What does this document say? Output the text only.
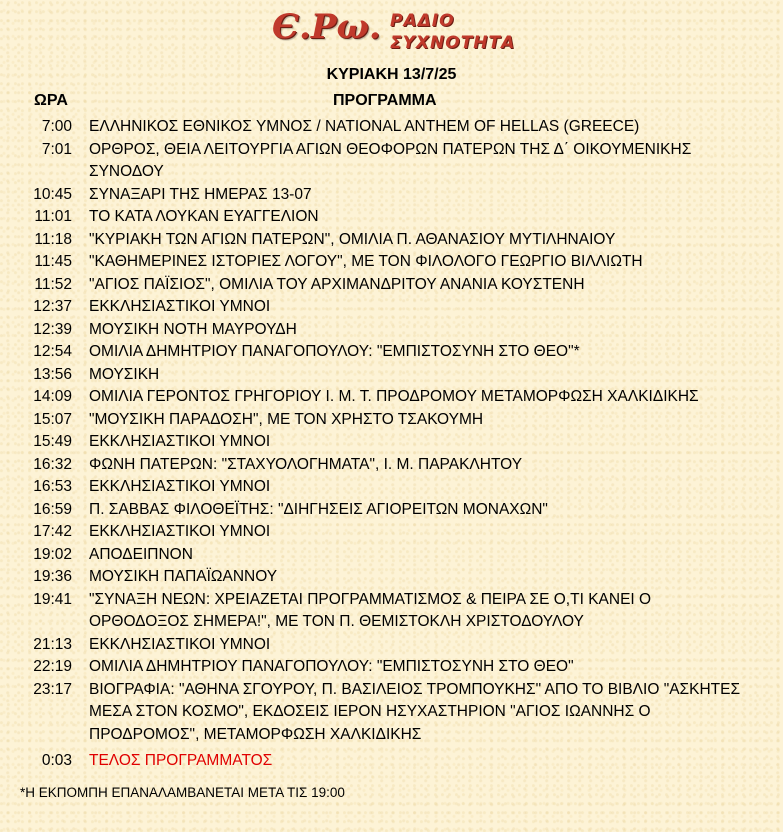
Є.Ρω. ΡΑΔΙΟ
ΣΥΧΝΟΤΗΤΑ
ΚΥΡΙΑΚΗ 13/7/25
ΩΡΑ	ΠΡΟΓΡΑΜΜΑ
7:00 ΕΛΛΗΝΙΚΟΣ ΕΘΝΙΚΟΣ ΥΜΝΟΣ / NATIONAL ANTHEM OF HELLAS (GREECE)
7:01 ΟΡΘΡΟΣ, ΘΕΙΑ ΛΕΙΤΟΥΡΓΙΑ ΑΓΙΩΝ ΘΕΟΦΟΡΩΝ ΠΑΤΕΡΩΝ ΤΗΣ Δ΄ ΟΙΚΟΥΜΕΝΙΚΗΣ ΣΥΝΟΔΟΥ
10:45 ΣΥΝΑΞΑΡΙ ΤΗΣ ΗΜΕΡΑΣ 13-07
11:01 ΤΟ ΚΑΤΑ ΛΟΥΚΑΝ ΕΥΑΓΓΕΛΙΟΝ
11:18 "ΚΥΡΙΑΚΗ ΤΩΝ ΑΓΙΩΝ ΠΑΤΕΡΩΝ", ΟΜΙΛΙΑ Π. ΑΘΑΝΑΣΙΟΥ ΜΥΤΙΛΗΝΑΙΟΥ
11:45 "ΚΑΘΗΜΕΡΙΝΕΣ ΙΣΤΟΡΙΕΣ ΛΟΓΟΥ", ΜΕ ΤΟΝ ΦΙΛΟΛΟΓΟ ΓΕΩΡΓΙΟ ΒΙΛΛΙΩΤΗ
11:52 "ΑΓΙΟΣ ΠΑΪΣΙΟΣ", ΟΜΙΛΙΑ ΤΟΥ ΑΡΧΙΜΑΝΔΡΙΤΟΥ ΑΝΑΝΙΑ ΚΟΥΣΤΕΝΗ
12:37 ΕΚΚΛΗΣΙΑΣΤΙΚΟΙ ΥΜΝΟΙ
12:39 ΜΟΥΣΙΚΗ ΝΟΤΗ ΜΑΥΡΟΥΔΗ
12:54 ΟΜΙΛΙΑ ΔΗΜΗΤΡΙΟΥ ΠΑΝΑΓΟΠΟΥΛΟΥ: "ΕΜΠΙΣΤΟΣΥΝΗ ΣΤΟ ΘΕΟ"*
13:56 ΜΟΥΣΙΚΗ
14:09 ΟΜΙΛΙΑ ΓΕΡΟΝΤΟΣ ΓΡΗΓΟΡΙΟΥ Ι. Μ. Τ. ΠΡΟΔΡΟΜΟΥ ΜΕΤΑΜΟΡΦΩΣΗ ΧΑΛΚΙΔΙΚΗΣ
15:07 "ΜΟΥΣΙΚΗ ΠΑΡΑΔΟΣΗ", ΜΕ ΤΟΝ ΧΡΗΣΤΟ ΤΣΑΚΟΥΜΗ
15:49 ΕΚΚΛΗΣΙΑΣΤΙΚΟΙ ΥΜΝΟΙ
16:32 ΦΩΝΗ ΠΑΤΕΡΩΝ: "ΣΤΑΧΥΟΛΟΓΗΜΑΤΑ", Ι. Μ. ΠΑΡΑΚΛΗΤΟΥ
16:53 ΕΚΚΛΗΣΙΑΣΤΙΚΟΙ ΥΜΝΟΙ
16:59 Π. ΣΑΒΒΑΣ ΦΙΛΟΘΕΪΤΗΣ: "ΔΙΗΓΗΣΕΙΣ ΑΓΙΟΡΕΙΤΩΝ ΜΟΝΑΧΩΝ"
17:42 ΕΚΚΛΗΣΙΑΣΤΙΚΟΙ ΥΜΝΟΙ
19:02 ΑΠΟΔΕΙΠΝΟΝ
19:36 ΜΟΥΣΙΚΗ ΠΑΠΑΪΩΑΝΝΟΥ
19:41 "ΣΥΝΑΞΗ ΝΕΩΝ: ΧΡΕΙΑΖΕΤΑΙ ΠΡΟΓΡΑΜΜΑΤΙΣΜΟΣ & ΠΕΙΡΑ ΣΕ Ο,ΤΙ ΚΑΝΕΙ Ο ΟΡΘΟΔΟΞΟΣ ΣΗΜΕΡΑ!", ΜΕ ΤΟΝ Π. ΘΕΜΙΣΤΟΚΛΗ ΧΡΙΣΤΟΔΟΥΛΟΥ
21:13 ΕΚΚΛΗΣΙΑΣΤΙΚΟΙ ΥΜΝΟΙ
22:19 ΟΜΙΛΙΑ ΔΗΜΗΤΡΙΟΥ ΠΑΝΑΓΟΠΟΥΛΟΥ: "ΕΜΠΙΣΤΟΣΥΝΗ ΣΤΟ ΘΕΟ"
23:17 ΒΙΟΓΡΑΦΙΑ: "ΑΘΗΝΑ ΣΓΟΥΡΟΥ, Π. ΒΑΣΙΛΕΙΟΣ ΤΡΟΜΠΟΥΚΗΣ" ΑΠΟ ΤΟ ΒΙΒΛΙΟ "ΑΣΚΗΤΕΣ ΜΕΣΑ ΣΤΟΝ ΚΟΣΜΟ", ΕΚΔΟΣΕΙΣ ΙΕΡΟΝ ΗΣΥΧΑΣΤΗΡΙΟΝ "ΑΓΙΟΣ ΙΩΑΝΝΗΣ Ο ΠΡΟΔΡΟΜΟΣ", ΜΕΤΑΜΟΡΦΩΣΗ ΧΑΛΚΙΔΙΚΗΣ
0:03 ΤΕΛΟΣ ΠΡΟΓΡΑΜΜΑΤΟΣ
*Η ΕΚΠΟΜΠΗ ΕΠΑΝΑΛΑΜΒΑΝΕΤΑΙ ΜΕΤΑ ΤΙΣ 19:00
